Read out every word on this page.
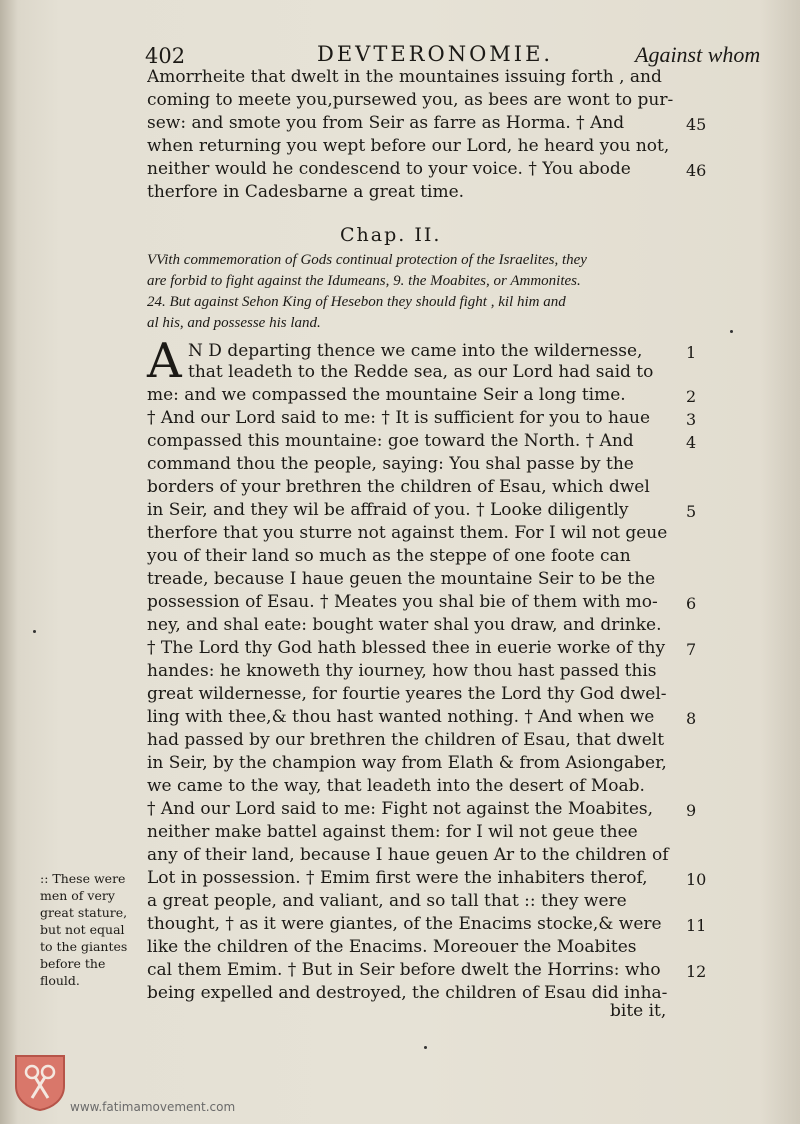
402	DEVTERONOMIE.	Against whom
Amorrheite that dwelt in the mountaines issuing forth , and
coming to meete you,pursewed you, as bees are wont to pur-
sew: and smote you from Seir as farre as Horma. † And	45
when returning you wept before our Lord, he heard you not,
neither would he condescend to your voice. † You abode	46
therfore in Cadesbarne a great time.
Chap. II.
VVith commemoration of Gods continual protection of the Israelites, they
are forbid to fight against the Idumeans, 9. the Moabites, or Ammonites.
24. But against Sehon King of Hesebon they should fight , kil him and
al his, and possesse his land.
A N D departing thence we came into the wildernesse,	1
that leadeth to the Redde sea, as our Lord had said to
me: and we compassed the mountaine Seir a long time.	2
† And our Lord said to me: † It is sufficient for you to haue	3
compassed this mountaine: goe toward the North. † And	4
command thou the people, saying: You shal passe by the
borders of your brethren the children of Esau, which dwel
in Seir, and they wil be affraid of you. † Looke diligently	5
therfore that you sturre not against them. For I wil not geue
you of their land so much as the steppe of one foote can
treade, because I haue geuen the mountaine Seir to be the
possession of Esau. † Meates you shal bie of them with mo-	6
ney, and shal eate: bought water shal you draw, and drinke.
† The Lord thy God hath blessed thee in euerie worke of thy	7
handes: he knoweth thy iourney, how thou hast passed this
great wildernesse, for fourtie yeares the Lord thy God dwel-
ling with thee,& thou hast wanted nothing. † And when we	8
had passed by our brethren the children of Esau, that dwelt
in Seir, by the champion way from Elath & from Asiongaber,
we came to the way, that leadeth into the desert of Moab.
† And our Lord said to me: Fight not against the Moabites,	9
neither make battel against them: for I wil not geue thee
any of their land, because I haue geuen Ar to the children of
Lot in possession. † Emim first were the inhabiters therof,	10
a great people, and valiant, and so tall that :: they were
thought, † as it were giantes, of the Enacims stocke,& were	11
like the children of the Enacims. Moreouer the Moabites
cal them Emim. † But in Seir before dwelt the Horrins: who	12
being expelled and destroyed, the children of Esau did inha-
bite it,
:: These were
men of very
great stature,
but not equal
to the giantes
before the
flould.
www.fatimamovement.com
